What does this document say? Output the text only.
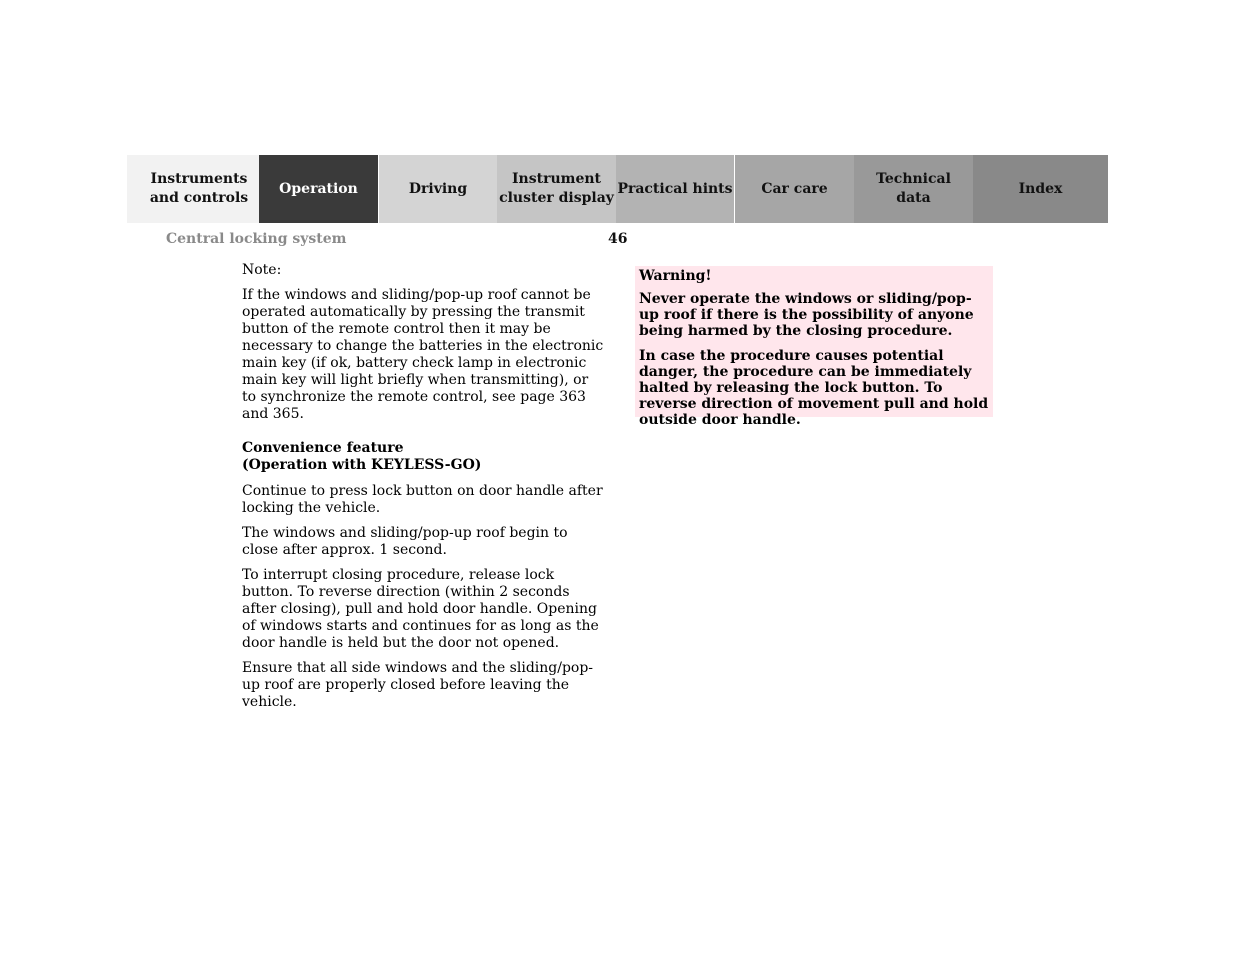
Instruments
and controls
Operation	Driving
Instrument
cluster display
Practical hints	Car care
Technical
data
Index
Central locking system	46

Note:

If the windows and sliding/pop-up roof cannot be operated automatically by pressing the transmit button of the remote control then it may be necessary to change the batteries in the electronic main key (if ok, battery check lamp in electronic main key will light briefly when transmitting), or to synchronize the remote control, see page 363 and 365.

Convenience feature
(Operation with KEYLESS-GO)

Continue to press lock button on door handle after locking the vehicle.

The windows and sliding/pop-up roof begin to close after approx. 1 second.

To interrupt closing procedure, release lock button. To reverse direction (within 2 seconds after closing), pull and hold door handle. Opening of windows starts and continues for as long as the door handle is held but the door not opened.

Ensure that all side windows and the sliding/pop-up roof are properly closed before leaving the vehicle.

Warning!

Never operate the windows or sliding/pop-up roof if there is the possibility of anyone being harmed by the closing procedure.

In case the procedure causes potential danger, the procedure can be immediately halted by releasing the lock button. To reverse direction of movement pull and hold outside door handle.
